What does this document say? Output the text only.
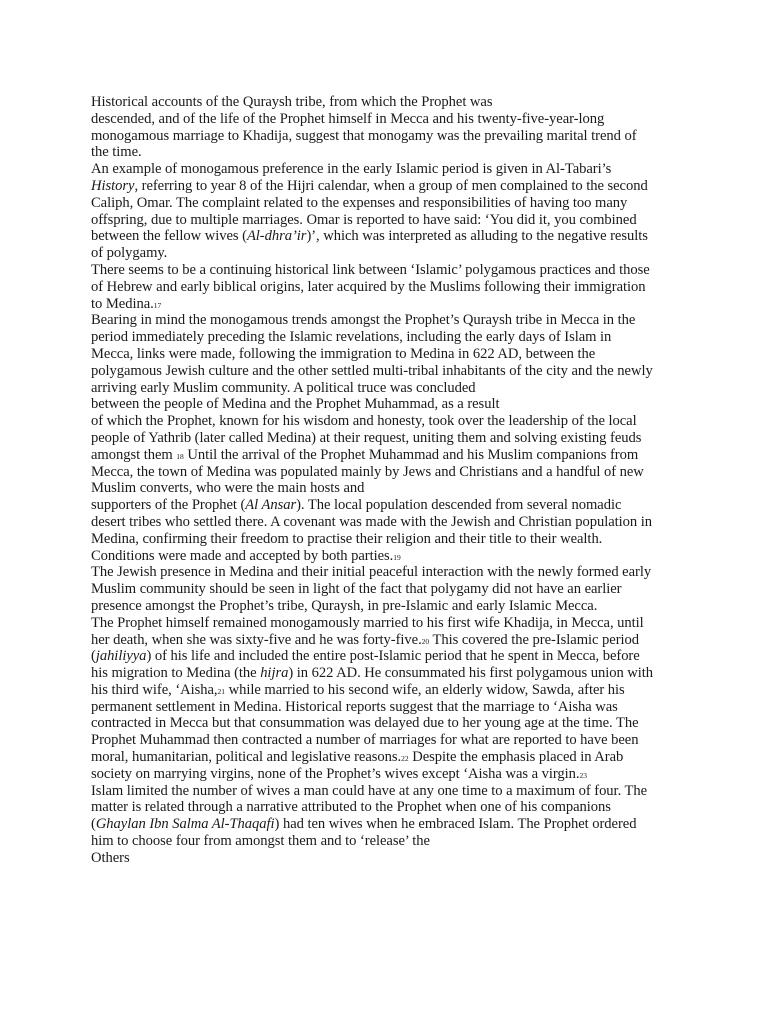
Historical accounts of the Quraysh tribe, from which the Prophet was
descended, and of the life of the Prophet himself in Mecca and his twenty-five-year-long
monogamous marriage to Khadija, suggest that monogamy was the prevailing marital trend of
the time.
An example of monogamous preference in the early Islamic period is given in Al-Tabari’s
History, referring to year 8 of the Hijri calendar, when a group of men complained to the second
Caliph, Omar. The complaint related to the expenses and responsibilities of having too many
offspring, due to multiple marriages. Omar is reported to have said: ‘You did it, you combined
between the fellow wives (Al-dhra’ir)’, which was interpreted as alluding to the negative results
of polygamy.
There seems to be a continuing historical link between ‘Islamic’ polygamous practices and those
of Hebrew and early biblical origins, later acquired by the Muslims following their immigration
to Medina.17
Bearing in mind the monogamous trends amongst the Prophet’s Quraysh tribe in Mecca in the
period immediately preceding the Islamic revelations, including the early days of Islam in
Mecca, links were made, following the immigration to Medina in 622 AD, between the
polygamous Jewish culture and the other settled multi-tribal inhabitants of the city and the newly
arriving early Muslim community. A political truce was concluded
between the people of Medina and the Prophet Muhammad, as a result
of which the Prophet, known for his wisdom and honesty, took over the leadership of the local
people of Yathrib (later called Medina) at their request, uniting them and solving existing feuds
amongst them 18 Until the arrival of the Prophet Muhammad and his Muslim companions from
Mecca, the town of Medina was populated mainly by Jews and Christians and a handful of new
Muslim converts, who were the main hosts and
supporters of the Prophet (Al Ansar). The local population descended from several nomadic
desert tribes who settled there. A covenant was made with the Jewish and Christian population in
Medina, confirming their freedom to practise their religion and their title to their wealth.
Conditions were made and accepted by both parties.19
The Jewish presence in Medina and their initial peaceful interaction with the newly formed early
Muslim community should be seen in light of the fact that polygamy did not have an earlier
presence amongst the Prophet’s tribe, Quraysh, in pre-Islamic and early Islamic Mecca.
The Prophet himself remained monogamously married to his first wife Khadija, in Mecca, until
her death, when she was sixty-five and he was forty-five.20 This covered the pre-Islamic period
(jahiliyya) of his life and included the entire post-Islamic period that he spent in Mecca, before
his migration to Medina (the hijra) in 622 AD. He consummated his first polygamous union with
his third wife, ‘Aisha,21 while married to his second wife, an elderly widow, Sawda, after his
permanent settlement in Medina. Historical reports suggest that the marriage to ‘Aisha was
contracted in Mecca but that consummation was delayed due to her young age at the time. The
Prophet Muhammad then contracted a number of marriages for what are reported to have been
moral, humanitarian, political and legislative reasons.22 Despite the emphasis placed in Arab
society on marrying virgins, none of the Prophet’s wives except ‘Aisha was a virgin.23
Islam limited the number of wives a man could have at any one time to a maximum of four. The
matter is related through a narrative attributed to the Prophet when one of his companions
(Ghaylan Ibn Salma Al-Thaqafi) had ten wives when he embraced Islam. The Prophet ordered
him to choose four from amongst them and to ‘release’ the
Others
